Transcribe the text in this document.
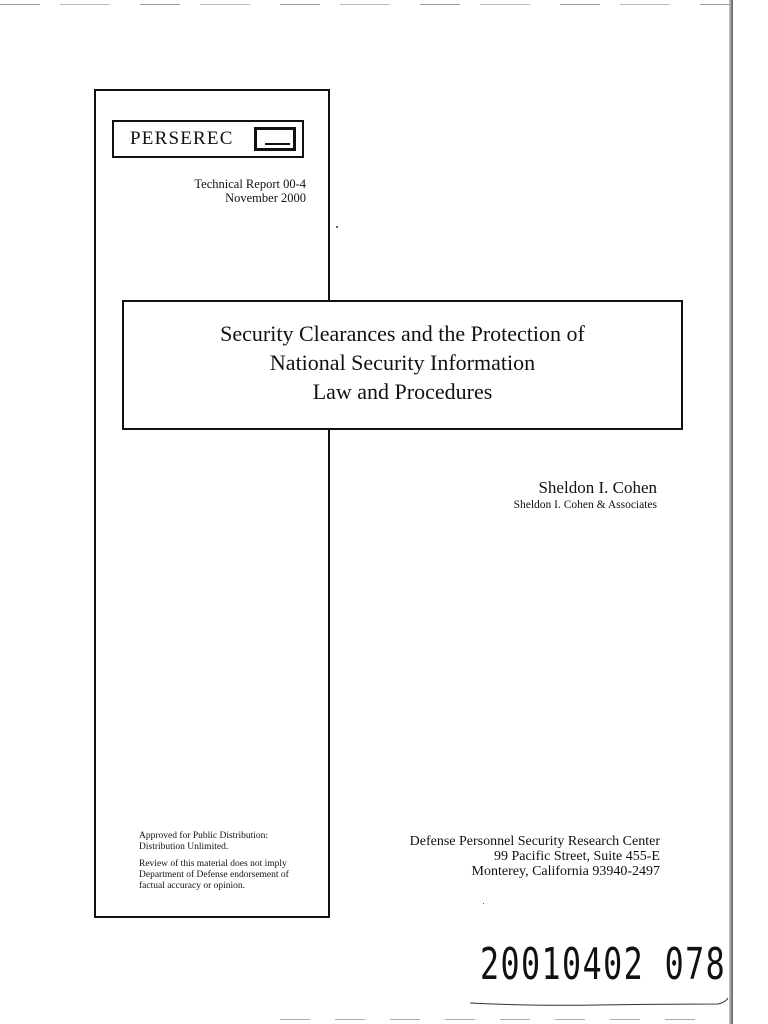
PERSEREC
Technical Report 00-4
November 2000
Security Clearances and the Protection of
National Security Information
Law and Procedures
Sheldon I. Cohen
Sheldon I. Cohen & Associates

Approved for Public Distribution:
Distribution Unlimited.

Review of this material does not imply
Department of Defense endorsement of
factual accuracy or opinion.

Defense Personnel Security Research Center
99 Pacific Street, Suite 455-E
Monterey, California 93940-2497
20010402 078
